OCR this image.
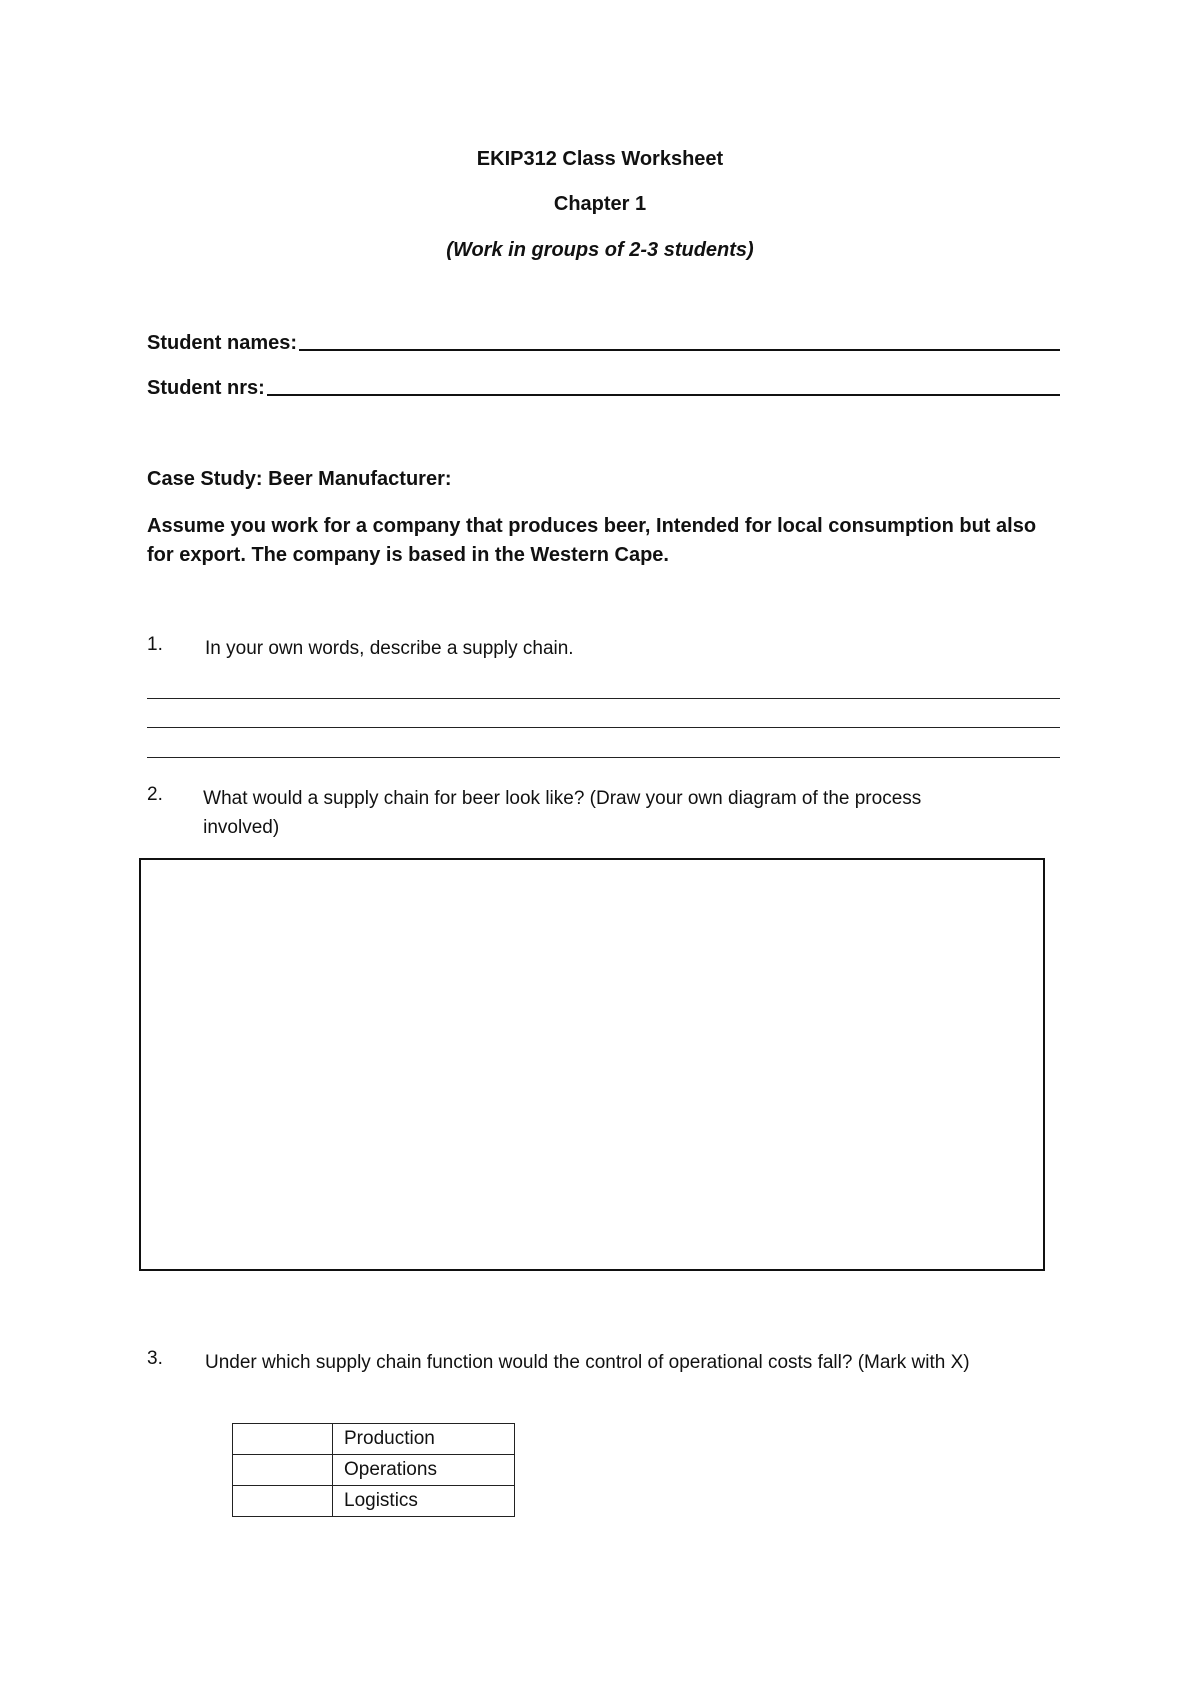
EKIP312 Class Worksheet
Chapter 1
(Work in groups of 2-3 students)
Student names:
Student nrs:
Case Study: Beer Manufacturer:
Assume you work for a company that produces beer, Intended for local consumption but also for export. The company is based in the Western Cape.
1.	In your own words, describe a supply chain.
2.	What would a supply chain for beer look like? (Draw your own diagram of the process involved)
3.	Under which supply chain function would the control of operational costs fall? (Mark with X)
	Production
	Operations
	Logistics
